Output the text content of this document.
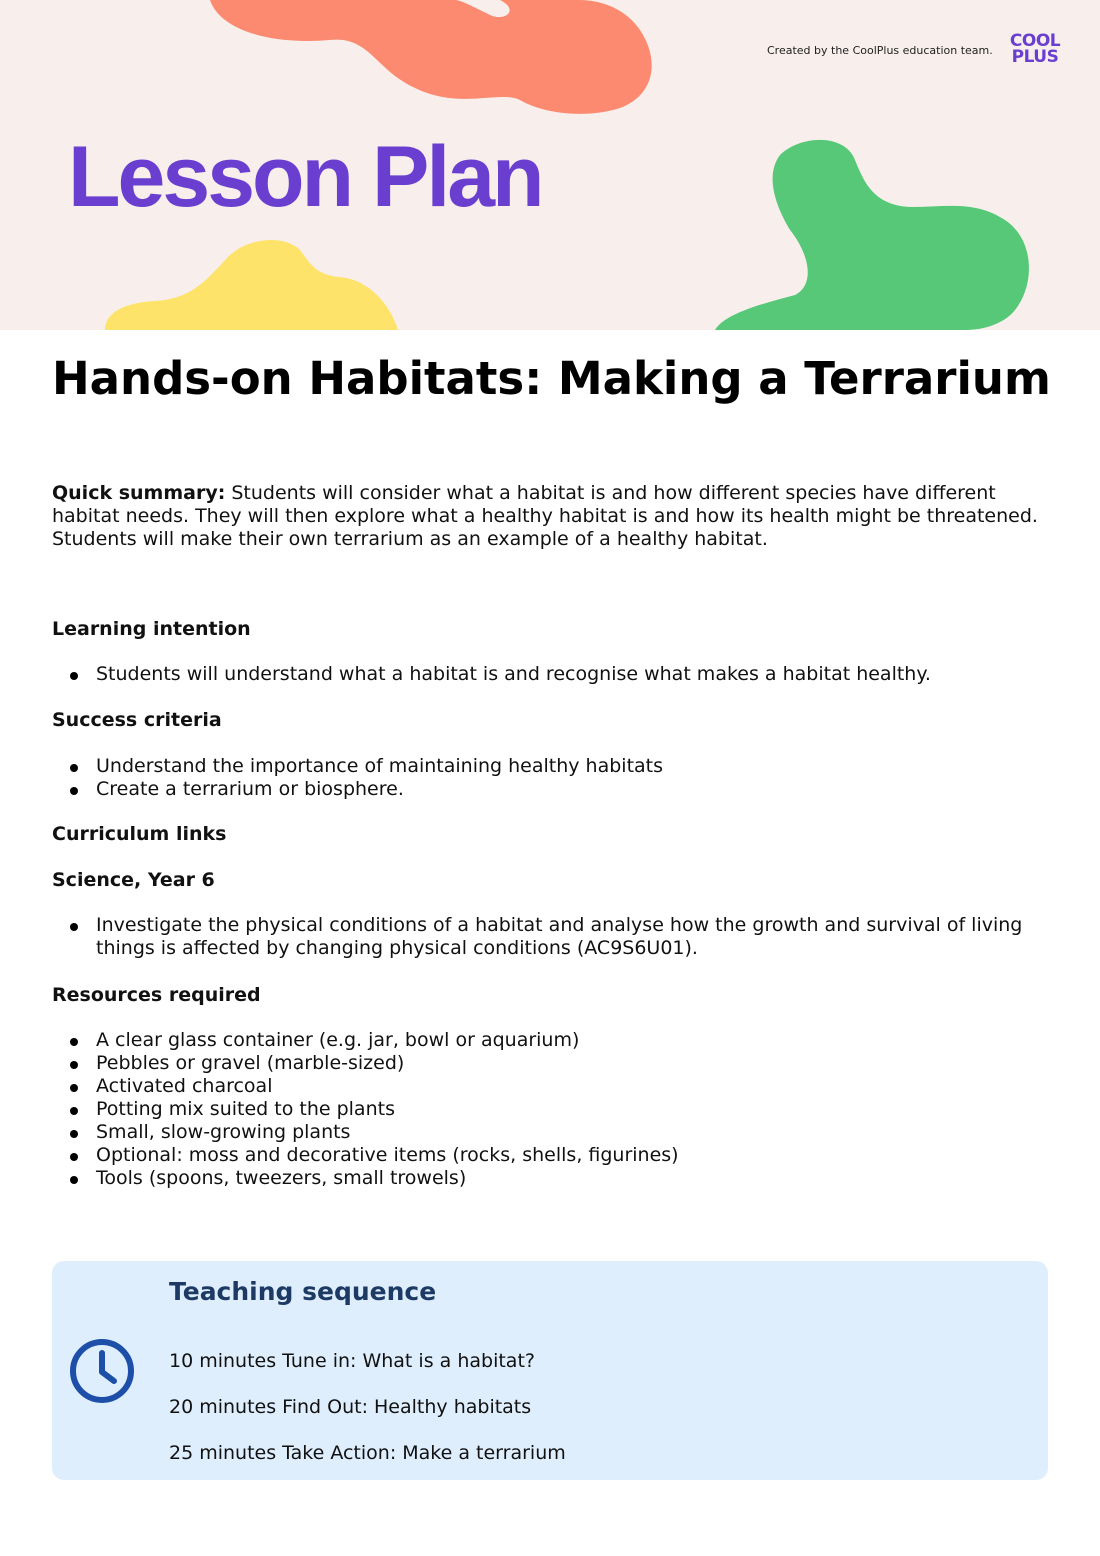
Created by the CoolPlus education team.	COOL
PLUS
Lesson Plan
Hands-on Habitats: Making a Terrarium

Quick summary: Students will consider what a habitat is and how different species have different habitat needs. They will then explore what a healthy habitat is and how its health might be threatened. Students will make their own terrarium as an example of a healthy habitat.

Learning intention
Students will understand what a habitat is and recognise what makes a habitat healthy.
Success criteria
Understand the importance of maintaining healthy habitats
Create a terrarium or biosphere.
Curriculum links
Science, Year 6
Investigate the physical conditions of a habitat and analyse how the growth and survival of living things is affected by changing physical conditions (AC9S6U01).
Resources required
A clear glass container (e.g. jar, bowl or aquarium)
Pebbles or gravel (marble-sized)
Activated charcoal
Potting mix suited to the plants
Small, slow-growing plants
Optional: moss and decorative items (rocks, shells, figurines)
Tools (spoons, tweezers, small trowels)
Teaching sequence
10 minutes Tune in: What is a habitat?
20 minutes Find Out: Healthy habitats
25 minutes Take Action: Make a terrarium
